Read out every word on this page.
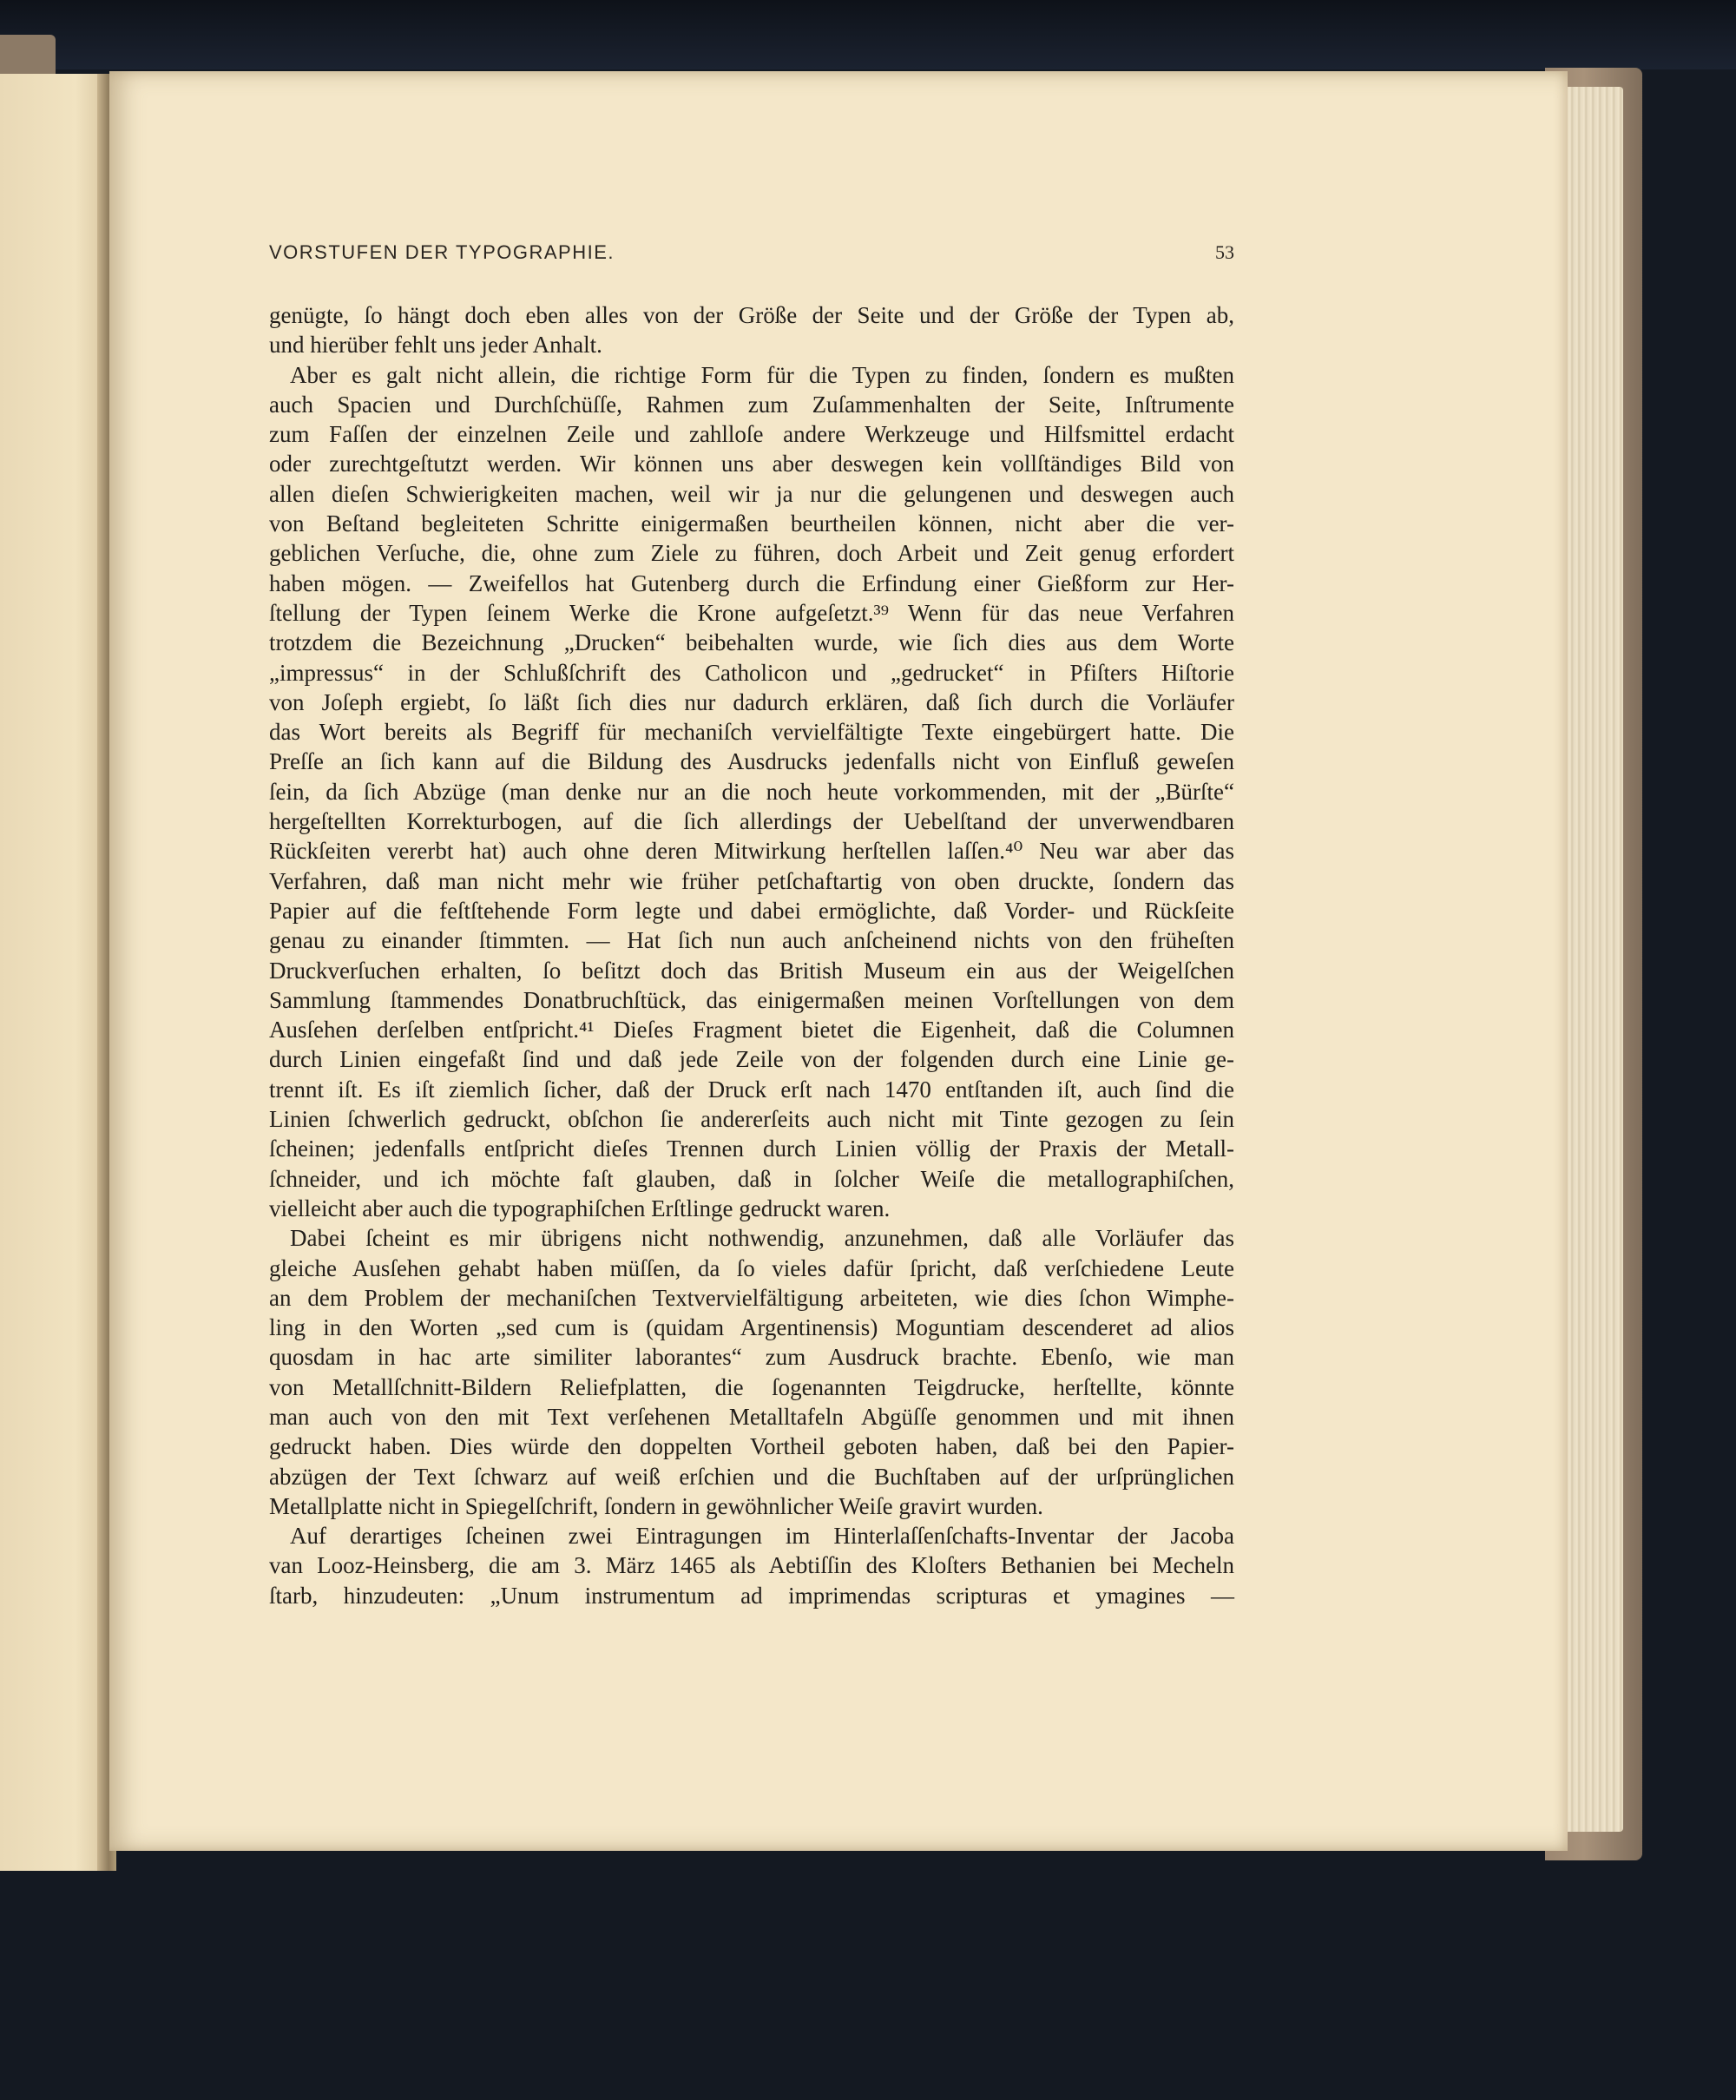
VORSTUFEN DER TYPOGRAPHIE.	53
genügte, ſo hängt doch eben alles von der Größe der Seite und der Größe der Typen ab,
und hierüber fehlt uns jeder Anhalt.
Aber es galt nicht allein, die richtige Form für die Typen zu finden, ſondern es mußten
auch Spacien und Durchſchüſſe, Rahmen zum Zuſammenhalten der Seite, Inſtrumente
zum Faſſen der einzelnen Zeile und zahlloſe andere Werkzeuge und Hilfsmittel erdacht
oder zurechtgeſtutzt werden. Wir können uns aber deswegen kein vollſtändiges Bild von
allen dieſen Schwierigkeiten machen, weil wir ja nur die gelungenen und deswegen auch
von Beſtand begleiteten Schritte einigermaßen beurtheilen können, nicht aber die ver-
geblichen Verſuche, die, ohne zum Ziele zu führen, doch Arbeit und Zeit genug erfordert
haben mögen. — Zweifellos hat Gutenberg durch die Erfindung einer Gießform zur Her-
ſtellung der Typen ſeinem Werke die Krone aufgeſetzt.³⁹ Wenn für das neue Verfahren
trotzdem die Bezeichnung „Drucken“ beibehalten wurde, wie ſich dies aus dem Worte
„impressus“ in der Schlußſchrift des Catholicon und „gedrucket“ in Pfiſters Hiſtorie
von Joſeph ergiebt, ſo läßt ſich dies nur dadurch erklären, daß ſich durch die Vorläufer
das Wort bereits als Begriff für mechaniſch vervielfältigte Texte eingebürgert hatte. Die
Preſſe an ſich kann auf die Bildung des Ausdrucks jedenfalls nicht von Einfluß geweſen
ſein, da ſich Abzüge (man denke nur an die noch heute vorkommenden, mit der „Bürſte“
hergeſtellten Korrekturbogen, auf die ſich allerdings der Uebelſtand der unverwendbaren
Rückſeiten vererbt hat) auch ohne deren Mitwirkung herſtellen laſſen.⁴⁰ Neu war aber das
Verfahren, daß man nicht mehr wie früher petſchaftartig von oben druckte, ſondern das
Papier auf die feſtſtehende Form legte und dabei ermöglichte, daß Vorder- und Rückſeite
genau zu einander ſtimmten. — Hat ſich nun auch anſcheinend nichts von den früheſten
Druckverſuchen erhalten, ſo beſitzt doch das British Museum ein aus der Weigelſchen
Sammlung ſtammendes Donatbruchſtück, das einigermaßen meinen Vorſtellungen von dem
Ausſehen derſelben entſpricht.⁴¹ Dieſes Fragment bietet die Eigenheit, daß die Columnen
durch Linien eingefaßt ſind und daß jede Zeile von der folgenden durch eine Linie ge-
trennt iſt. Es iſt ziemlich ſicher, daß der Druck erſt nach 1470 entſtanden iſt, auch ſind die
Linien ſchwerlich gedruckt, obſchon ſie andererſeits auch nicht mit Tinte gezogen zu ſein
ſcheinen; jedenfalls entſpricht dieſes Trennen durch Linien völlig der Praxis der Metall-
ſchneider, und ich möchte faſt glauben, daß in ſolcher Weiſe die metallographiſchen,
vielleicht aber auch die typographiſchen Erſtlinge gedruckt waren.
Dabei ſcheint es mir übrigens nicht nothwendig, anzunehmen, daß alle Vorläufer das
gleiche Ausſehen gehabt haben müſſen, da ſo vieles dafür ſpricht, daß verſchiedene Leute
an dem Problem der mechaniſchen Textvervielfältigung arbeiteten, wie dies ſchon Wimphe-
ling in den Worten „sed cum is (quidam Argentinensis) Moguntiam descenderet ad alios
quosdam in hac arte similiter laborantes“ zum Ausdruck brachte. Ebenſo, wie man
von Metallſchnitt-Bildern Reliefplatten, die ſogenannten Teigdrucke, herſtellte, könnte
man auch von den mit Text verſehenen Metalltafeln Abgüſſe genommen und mit ihnen
gedruckt haben. Dies würde den doppelten Vortheil geboten haben, daß bei den Papier-
abzügen der Text ſchwarz auf weiß erſchien und die Buchſtaben auf der urſprünglichen
Metallplatte nicht in Spiegelſchrift, ſondern in gewöhnlicher Weiſe gravirt wurden.
Auf derartiges ſcheinen zwei Eintragungen im Hinterlaſſenſchafts-Inventar der Jacoba
van Looz-Heinsberg, die am 3. März 1465 als Aebtiſſin des Kloſters Bethanien bei Mecheln
ſtarb, hinzudeuten: „Unum instrumentum ad imprimendas scripturas et ymagines —
